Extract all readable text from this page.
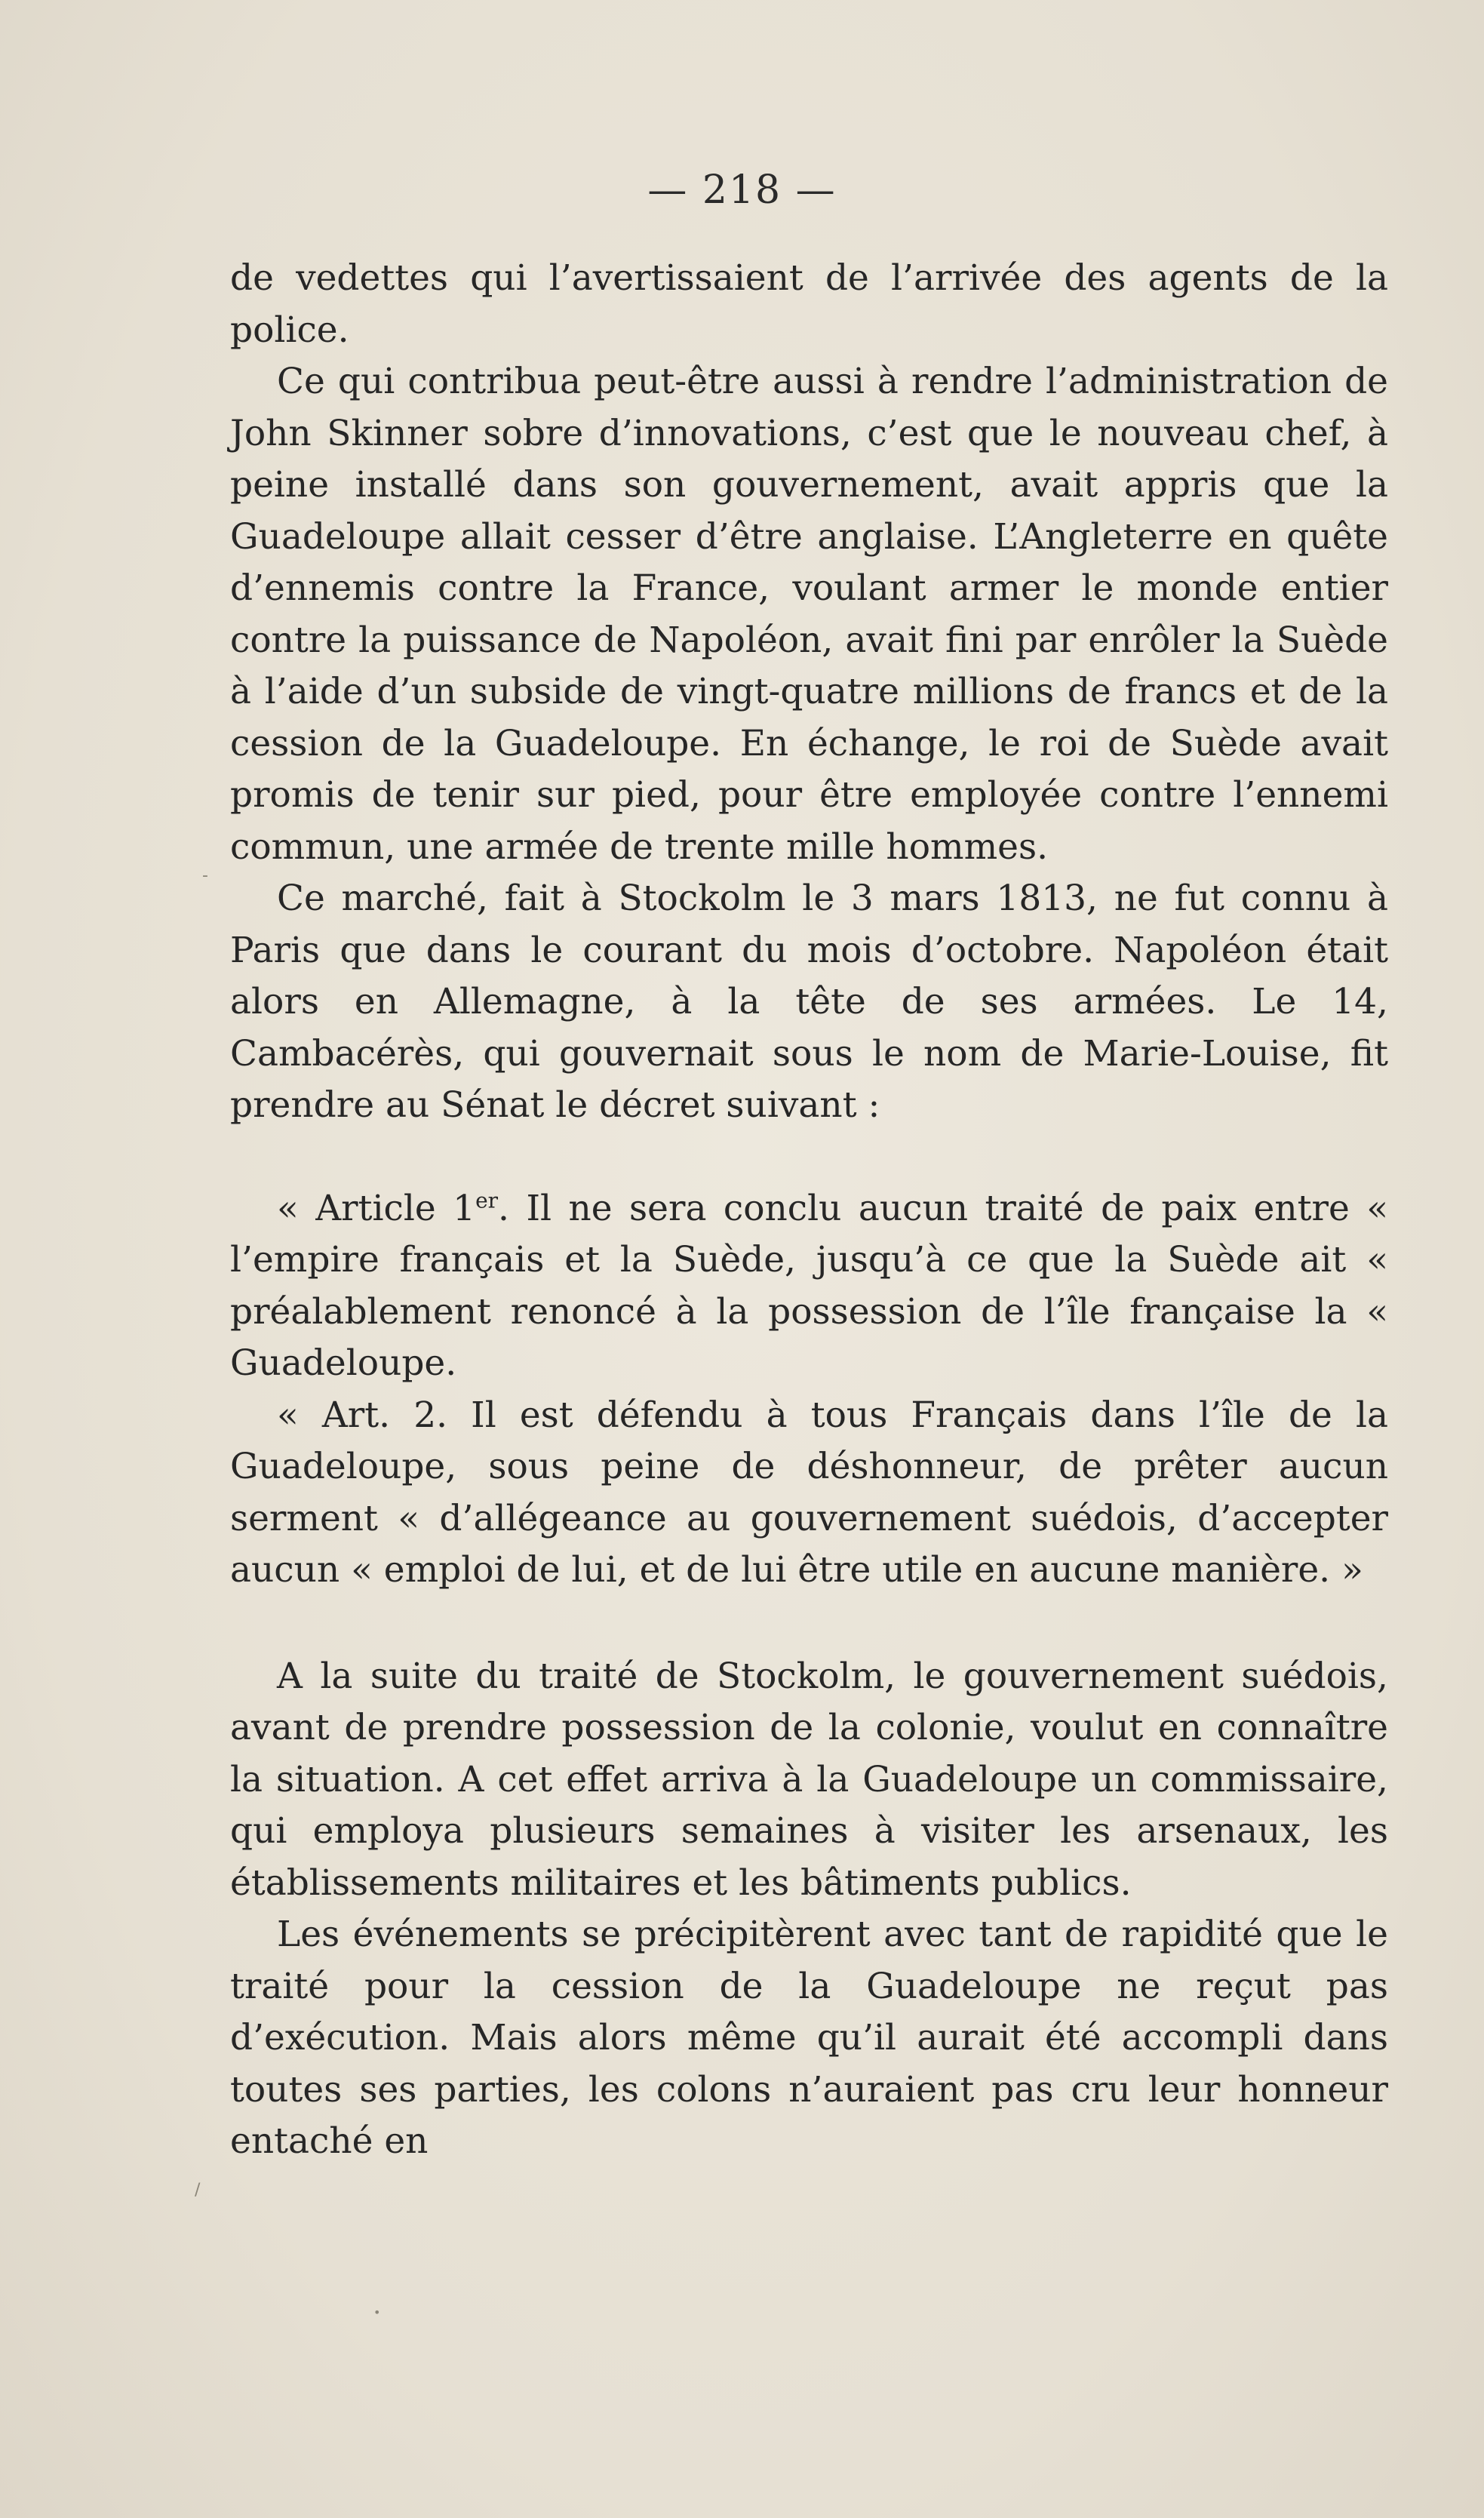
— 218 —

de vedettes qui l’avertissaient de l’arrivée des agents de la police.

Ce qui contribua peut-être aussi à rendre l’administration de John Skinner sobre d’innovations, c’est que le nouveau chef, à peine installé dans son gouvernement, avait appris que la Guadeloupe allait cesser d’être anglaise. L’Angleterre en quête d’ennemis contre la France, voulant armer le monde entier contre la puissance de Napoléon, avait fini par enrôler la Suède à l’aide d’un subside de vingt-quatre millions de francs et de la cession de la Guadeloupe. En échange, le roi de Suède avait promis de tenir sur pied, pour être employée contre l’ennemi commun, une armée de trente mille hommes.

Ce marché, fait à Stockolm le 3 mars 1813, ne fut connu à Paris que dans le courant du mois d’octobre. Napoléon était alors en Allemagne, à la tête de ses armées. Le 14, Cambacérès, qui gouvernait sous le nom de Marie-Louise, fit prendre au Sénat le décret suivant :

« Article 1er. Il ne sera conclu aucun traité de paix entre « l’empire français et la Suède, jusqu’à ce que la Suède ait « préalablement renoncé à la possession de l’île française la « Guadeloupe.

« Art. 2. Il est défendu à tous Français dans l’île de la Guadeloupe, sous peine de déshonneur, de prêter aucun serment « d’allégeance au gouvernement suédois, d’accepter aucun « emploi de lui, et de lui être utile en aucune manière. »

A la suite du traité de Stockolm, le gouvernement suédois, avant de prendre possession de la colonie, voulut en connaître la situation. A cet effet arriva à la Guadeloupe un commissaire, qui employa plusieurs semaines à visiter les arsenaux, les établissements militaires et les bâtiments publics.

Les événements se précipitèrent avec tant de rapidité que le traité pour la cession de la Guadeloupe ne reçut pas d’exécution. Mais alors même qu’il aurait été accompli dans toutes ses parties, les colons n’auraient pas cru leur honneur entaché en

-
/
•
